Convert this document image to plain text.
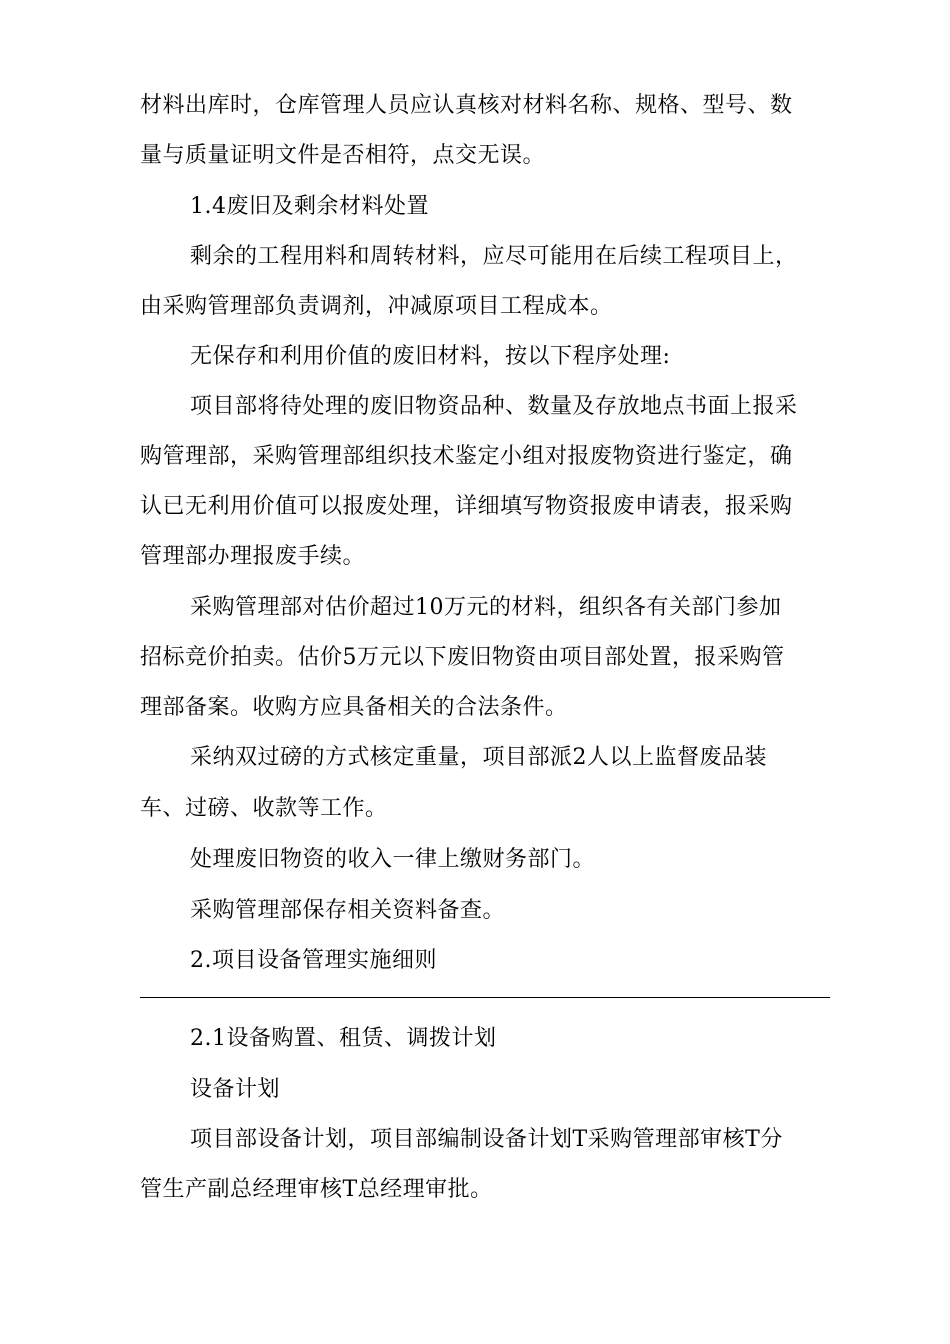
材料出库时，仓库管理人员应认真核对材料名称、规格、型号、数
量与质量证明文件是否相符，点交无误。
1.4废旧及剩余材料处置
剩余的工程用料和周转材料，应尽可能用在后续工程项目上，
由采购管理部负责调剂，冲减原项目工程成本。
无保存和利用价值的废旧材料，按以下程序处理:
项目部将待处理的废旧物资品种、数量及存放地点书面上报采
购管理部，采购管理部组织技术鉴定小组对报废物资进行鉴定，确
认已无利用价值可以报废处理，详细填写物资报废申请表，报采购
管理部办理报废手续。
采购管理部对估价超过10万元的材料，组织各有关部门参加
招标竞价拍卖。估价5万元以下废旧物资由项目部处置，报采购管
理部备案。收购方应具备相关的合法条件。
采纳双过磅的方式核定重量，项目部派2人以上监督废品装
车、过磅、收款等工作。
处理废旧物资的收入一律上缴财务部门。
采购管理部保存相关资料备查。
2.项目设备管理实施细则
2.1设备购置、租赁、调拨计划
设备计划
项目部设备计划，项目部编制设备计划T采购管理部审核T分
管生产副总经理审核T总经理审批。
